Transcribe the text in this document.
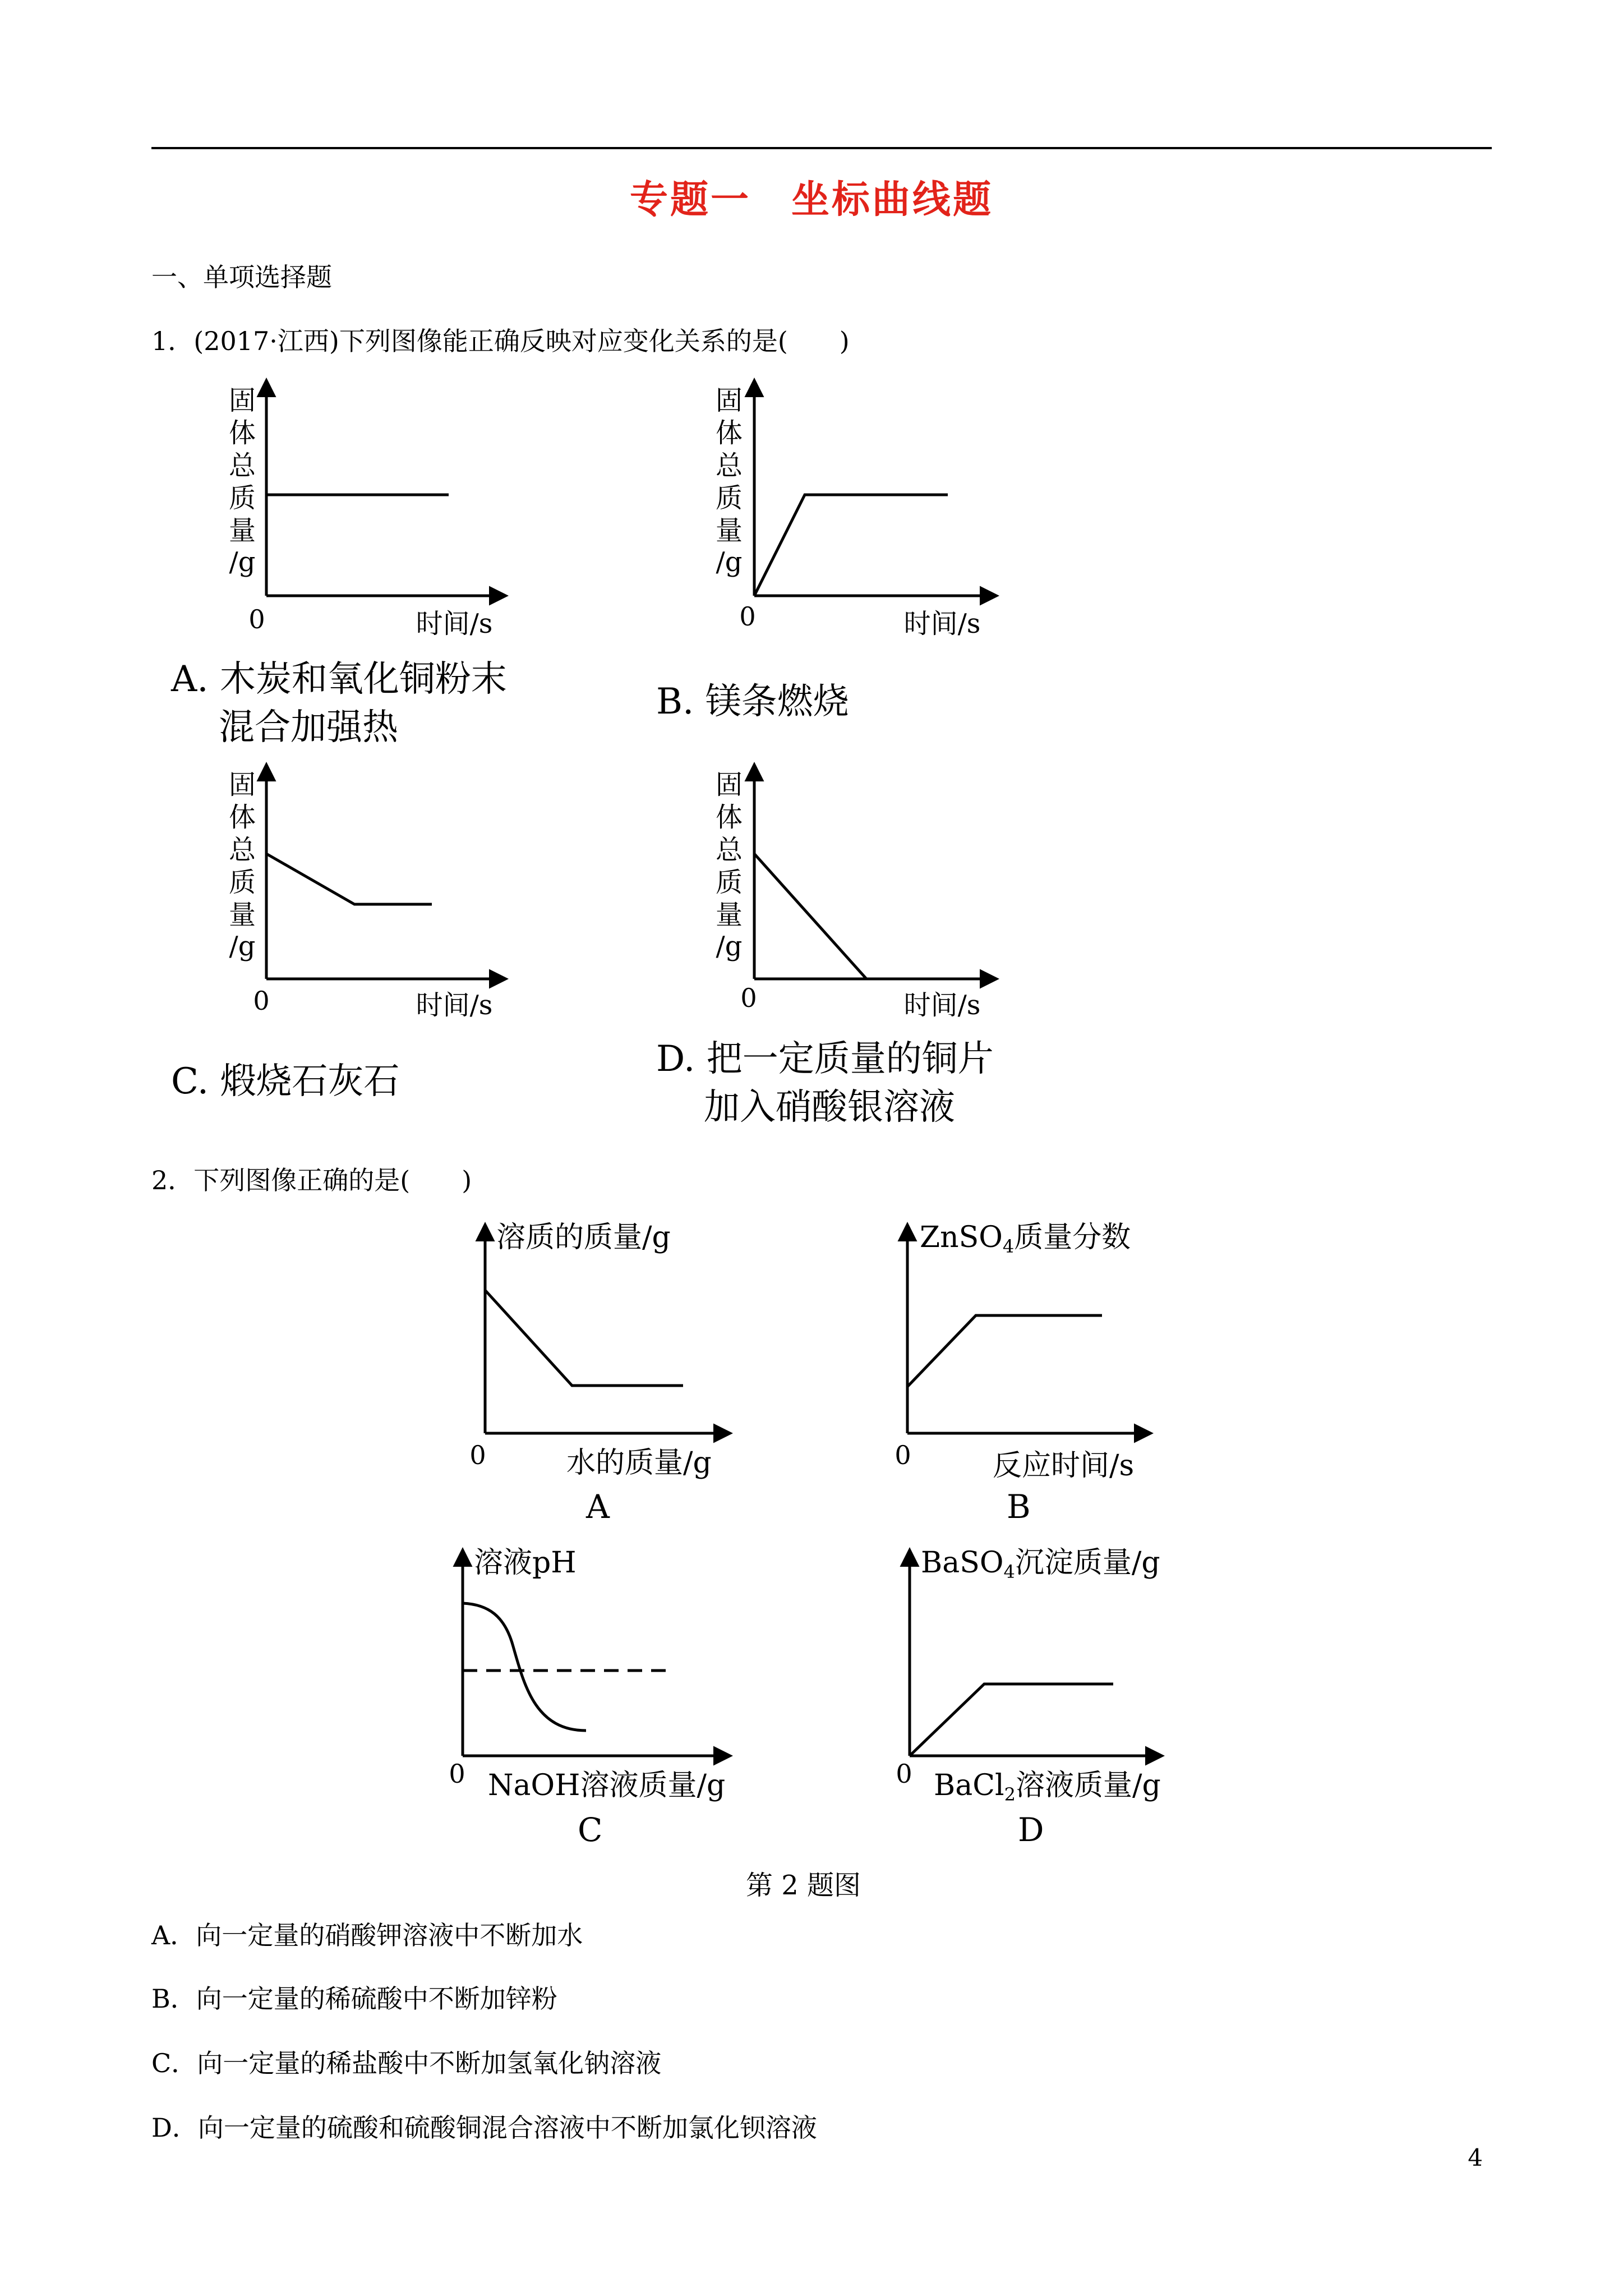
专题一　坐标曲线题
一、单项选择题
1．(2017·江西)下列图像能正确反映对应变化关系的是(　　)
固
体
总
质
量
/g
0	时间/s
固
体
总
质
量
/g
0	时间/s
固
体
总
质
量
/g
0	时间/s
固
体
总
质
量
/g
0	时间/s
A. 木炭和氧化铜粉末
混合加强热
B. 镁条燃烧
C. 煅烧石灰石
D. 把一定质量的铜片
加入硝酸银溶液
2．下列图像正确的是(　　)
溶质的质量/g
0	水的质量/g
ZnSO4质量分数
0	反应时间/s
溶液pH
0 NaOH溶液质量/g
BaSO4沉淀质量/g
0 BaCl2溶液质量/g
A	B
C	D
第 2 题图
A．向一定量的硝酸钾溶液中不断加水
B．向一定量的稀硫酸中不断加锌粉
C．向一定量的稀盐酸中不断加氢氧化钠溶液
D．向一定量的硫酸和硫酸铜混合溶液中不断加氯化钡溶液
4
